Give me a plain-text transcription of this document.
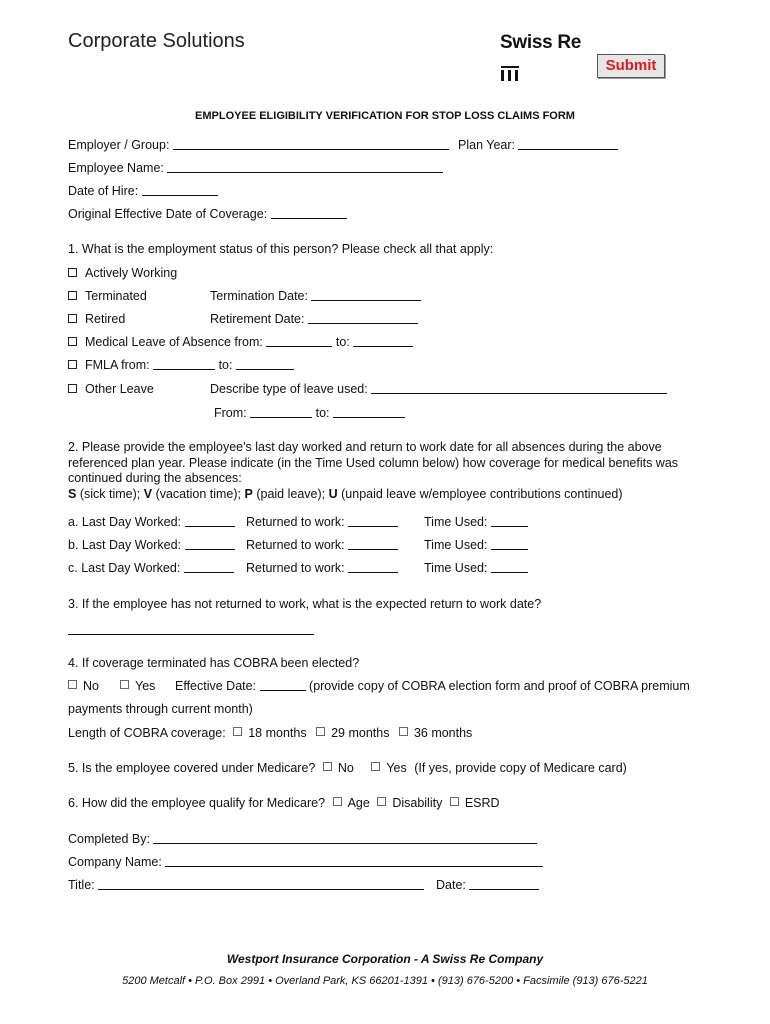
Corporate Solutions	Swiss Re
Submit
EMPLOYEE ELIGIBILITY VERIFICATION FOR STOP LOSS CLAIMS FORM
Employer / Group:	Plan Year:
Employee Name:
Date of Hire:
Original Effective Date of Coverage:
1. What is the employment status of this person? Please check all that apply:
Actively Working
Terminated	Termination Date:
Retired	Retirement Date:
Medical Leave of Absence from:	to:
FMLA from:	to:
Other Leave	Describe type of leave used:
From:	to:
2. Please provide the employee's last day worked and return to work date for all absences during the above referenced plan year. Please indicate (in the Time Used column below) how coverage for medical benefits was continued during the absences:
S (sick time); V (vacation time); P (paid leave); U (unpaid leave w/employee contributions continued)
a. Last Day Worked:	Returned to work:	Time Used:
b. Last Day Worked:	Returned to work:	Time Used:
c. Last Day Worked:	Returned to work:	Time Used:
3. If the employee has not returned to work, what is the expected return to work date?
4. If coverage terminated has COBRA been elected?
No	Yes Effective Date:	(provide copy of COBRA election form and proof of COBRA premium
payments through current month)
Length of COBRA coverage: 18 months 29 months 36 months
5. Is the employee covered under Medicare? No	Yes (If yes, provide copy of Medicare card)
6. How did the employee qualify for Medicare? Age Disability ESRD
Completed By:
Company Name:
Title:	Date:
Westport Insurance Corporation - A Swiss Re Company
5200 Metcalf • P.O. Box 2991 • Overland Park, KS 66201-1391 • (913) 676-5200 • Facsimile (913) 676-5221
